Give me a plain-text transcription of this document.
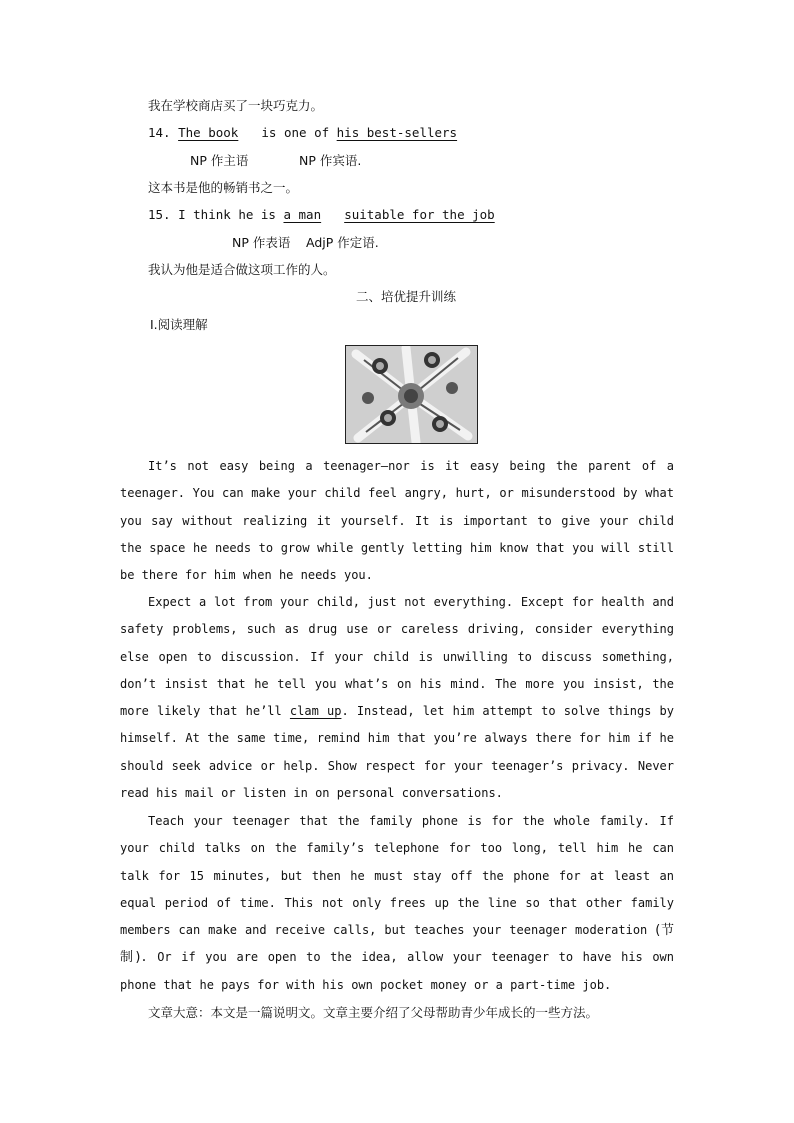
我在学校商店买了一块巧克力。
14. The book is one of his best-sellers
NP 作主语	NP 作宾语.
这本书是他的畅销书之一。
15. I think he is a man suitable for the job
NP 作表语 AdjP 作定语.
我认为他是适合做这项工作的人。
二、培优提升训练
Ⅰ.阅读理解

It’s not easy being a teenager—nor is it easy being the parent of a teenager. You can make your child feel angry, hurt, or misunderstood by what you say without realizing it yourself. It is important to give your child the space he needs to grow while gently letting him know that you will still be there for him when he needs you.

Expect a lot from your child, just not everything. Except for health and safety problems, such as drug use or careless driving, consider everything else open to discussion. If your child is unwilling to discuss something, don’t insist that he tell you what’s on his mind. The more you insist, the more likely that he’ll clam up. Instead, let him attempt to solve things by himself. At the same time, remind him that you’re always there for him if he should seek advice or help. Show respect for your teenager’s privacy. Never read his mail or listen in on personal conversations.

Teach your teenager that the family phone is for the whole family. If your child talks on the family’s telephone for too long, tell him he can talk for 15 minutes, but then he must stay off the phone for at least an equal period of time. This not only frees up the line so that other family members can make and receive calls, but teaches your teenager moderation (节制). Or if you are open to the idea, allow your teenager to have his own phone that he pays for with his own pocket money or a part-time job.

文章大意：本文是一篇说明文。文章主要介绍了父母帮助青少年成长的一些方法。
